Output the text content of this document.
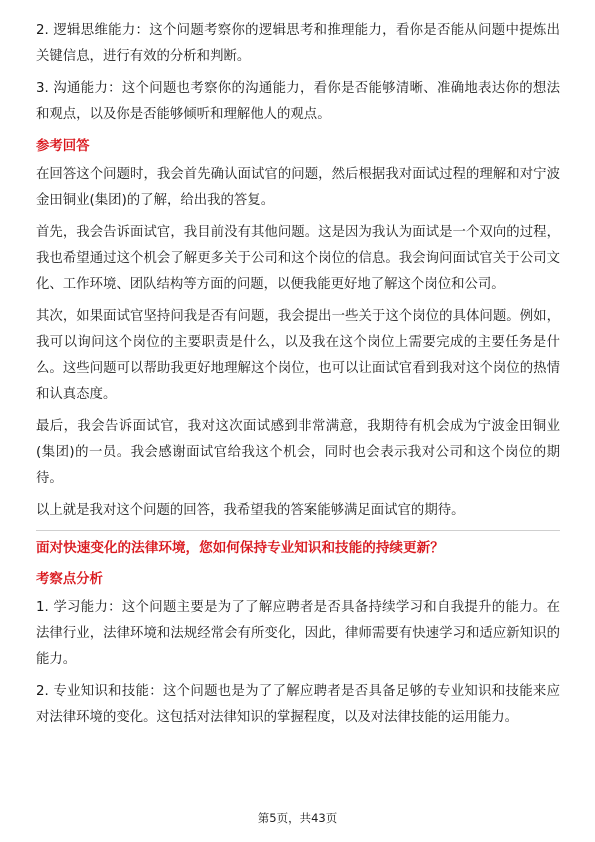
2. 逻辑思维能力：这个问题考察你的逻辑思考和推理能力，看你是否能从问题中提炼出关键信息，进行有效的分析和判断。

3. 沟通能力：这个问题也考察你的沟通能力，看你是否能够清晰、准确地表达你的想法和观点，以及你是否能够倾听和理解他人的观点。

参考回答

在回答这个问题时，我会首先确认面试官的问题，然后根据我对面试过程的理解和对宁波金田铜业(集团)的了解，给出我的答复。

首先，我会告诉面试官，我目前没有其他问题。这是因为我认为面试是一个双向的过程，我也希望通过这个机会了解更多关于公司和这个岗位的信息。我会询问面试官关于公司文化、工作环境、团队结构等方面的问题，以便我能更好地了解这个岗位和公司。

其次，如果面试官坚持问我是否有问题，我会提出一些关于这个岗位的具体问题。例如，我可以询问这个岗位的主要职责是什么，以及我在这个岗位上需要完成的主要任务是什么。这些问题可以帮助我更好地理解这个岗位，也可以让面试官看到我对这个岗位的热情和认真态度。

最后，我会告诉面试官，我对这次面试感到非常满意，我期待有机会成为宁波金田铜业(集团)的一员。我会感谢面试官给我这个机会，同时也会表示我对公司和这个岗位的期待。

以上就是我对这个问题的回答，我希望我的答案能够满足面试官的期待。

面对快速变化的法律环境，您如何保持专业知识和技能的持续更新？
考察点分析

1. 学习能力：这个问题主要是为了了解应聘者是否具备持续学习和自我提升的能力。在法律行业，法律环境和法规经常会有所变化，因此，律师需要有快速学习和适应新知识的能力。

2. 专业知识和技能：这个问题也是为了了解应聘者是否具备足够的专业知识和技能来应对法律环境的变化。这包括对法律知识的掌握程度，以及对法律技能的运用能力。

第5页，共43页
